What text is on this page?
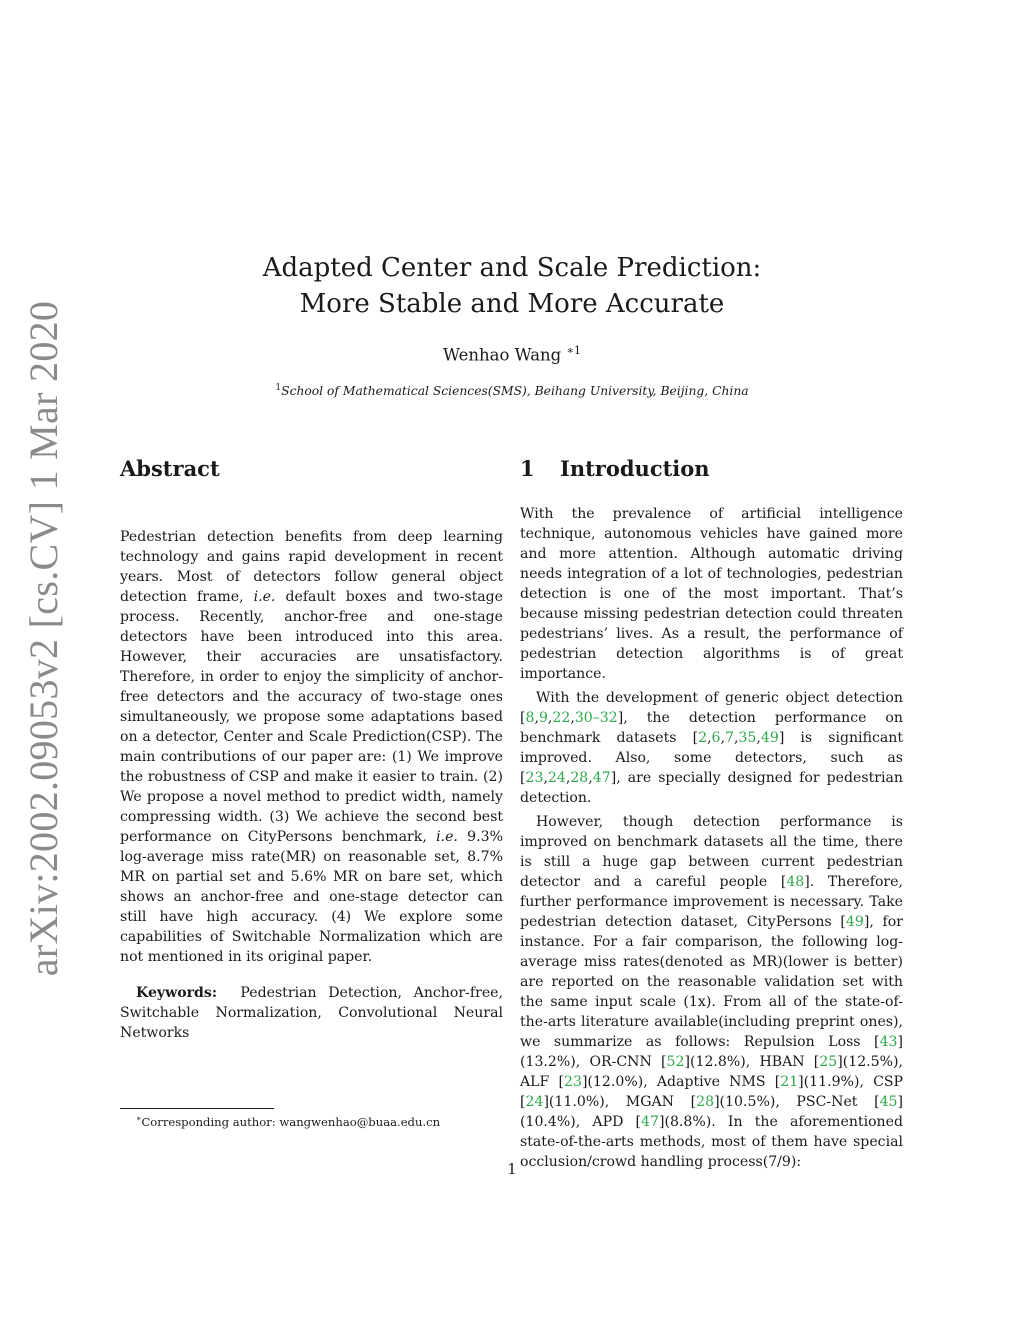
arXiv:2002.09053v2 [cs.CV] 1 Mar 2020
Adapted Center and Scale Prediction:
More Stable and More Accurate
Wenhao Wang $^{∗1}$
$^1$School of Mathematical Sciences(SMS), Beihang University, Beijing, China
Abstract

Pedestrian detection benefits from deep learning technology and gains rapid development in recent years. Most of detectors follow general object detection frame, i.e. default boxes and two-stage process. Recently, anchor-free and one-stage detectors have been introduced into this area. However, their accuracies are unsatisfactory. Therefore, in order to enjoy the simplicity of anchor-free detectors and the accuracy of two-stage ones simultaneously, we propose some adaptations based on a detector, Center and Scale Prediction(CSP). The main contributions of our paper are: (1) We improve the robustness of CSP and make it easier to train. (2) We propose a novel method to predict width, namely compressing width. (3) We achieve the second best performance on CityPersons benchmark, i.e. 9.3% log-average miss rate(MR) on reasonable set, 8.7% MR on partial set and 5.6% MR on bare set, which shows an anchor-free and one-stage detector can still have high accuracy. (4) We explore some capabilities of Switchable Normalization which are not mentioned in its original paper.

Keywords: Pedestrian Detection, Anchor-free, Switchable Normalization, Convolutional Neural Networks

1 Introduction

With the prevalence of artificial intelligence technique, autonomous vehicles have gained more and more attention. Although automatic driving needs integration of a lot of technologies, pedestrian detection is one of the most important. That’s because missing pedestrian detection could threaten pedestrians’ lives. As a result, the performance of pedestrian detection algorithms is of great importance.

With the development of generic object detection [8,9,22,30–32], the detection performance on benchmark datasets [2,6,7,35,49] is significant improved. Also, some detectors, such as [23,24,28,47], are specially designed for pedestrian detection.

However, though detection performance is improved on benchmark datasets all the time, there is still a huge gap between current pedestrian detector and a careful people [48]. Therefore, further performance improvement is necessary. Take pedestrian detection dataset, CityPersons [49], for instance. For a fair comparison, the following log-average miss rates(denoted as MR)(lower is better) are reported on the reasonable validation set with the same input scale (1x). From all of the state-of-the-arts literature available(including preprint ones), we summarize as follows: Repulsion Loss [43](13.2%), OR-CNN [52](12.8%), HBAN [25](12.5%), ALF [23](12.0%), Adaptive NMS [21](11.9%), CSP [24](11.0%), MGAN [28](10.5%), PSC-Net [45](10.4%), APD [47](8.8%). In the aforementioned state-of-the-arts methods, most of them have special occlusion/crowd handling process(7/9):

∗Corresponding author: wangwenhao@buaa.edu.cn
1
